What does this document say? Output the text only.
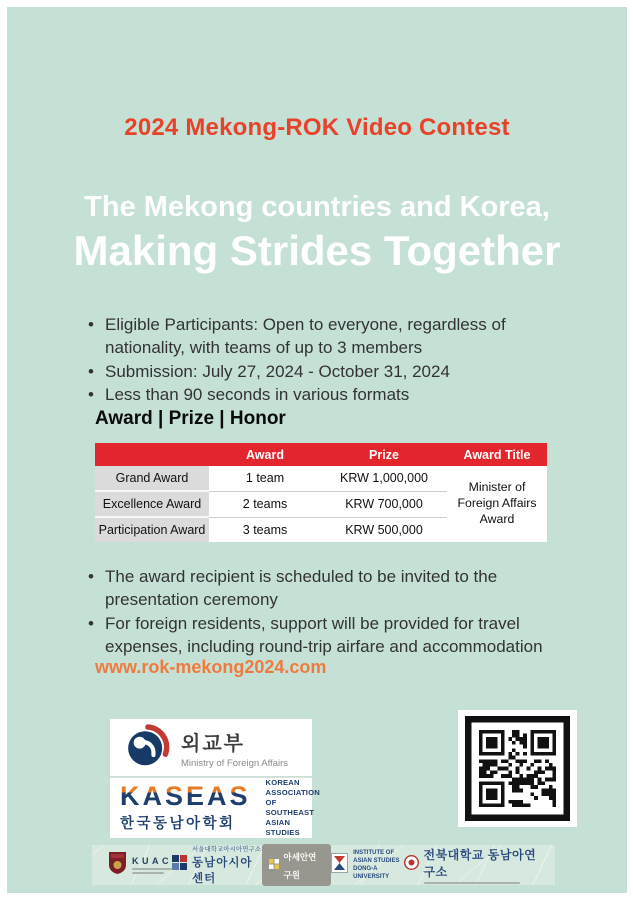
2024 Mekong-ROK Video Contest
The Mekong countries and Korea,
Making Strides Together
• Eligible Participants: Open to everyone, regardless of nationality, with teams of up to 3 members
• Submission: July 27, 2024 - October 31, 2024
• Less than 90 seconds in various formats
Award | Prize | Honor
	Award	Prize	Award Title
Grand Award	1 team	KRW 1,000,000	Minister of Foreign Affairs Award
Excellence Award	2 teams	KRW 700,000	
Participation Award	3 teams	KRW 500,000	
• The award recipient is scheduled to be invited to the presentation ceremony
• For foreign residents, support will be provided for travel expenses, including round-trip airfare and accommodation
www.rok-mekong2024.com
외교부
Ministry of Foreign Affairs
KASEAS
한국동남아학회
KOREAN
ASSOCIATION
OF
SOUTHEAST
ASIAN STUDIES
KUAC
서울대학교아시아연구소
동남아시아센터
아세안연구원
INSTITUTE OF
ASIAN STUDIES
DONG-A UNIVERSITY
전북대학교 동남아연구소
